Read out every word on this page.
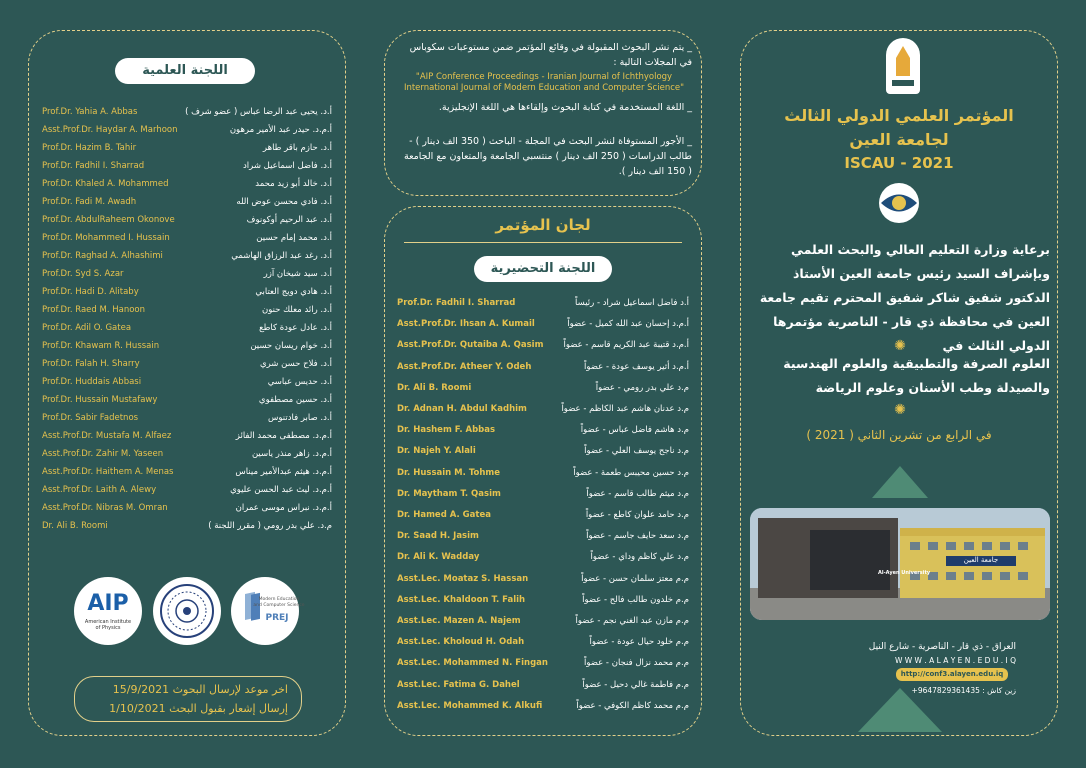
اللجنة العلمية
Prof.Dr. Yahia A. Abbas	أ.د. يحيى عبد الرضا عباس ( عضو شرف )
Asst.Prof.Dr. Haydar A. Marhoon	أ.م.د. حيدر عبد الأمير مرهون
Prof.Dr. Hazim B. Tahir	أ.د. حازم باقر طاهر
Prof.Dr. Fadhil I. Sharrad	أ.د. فاضل اسماعيل شراد
Prof.Dr. Khaled A. Mohammed	أ.د. خالد أبو زيد محمد
Prof.Dr. Fadi M. Awadh	أ.د. فادي محسن عوض الله
Prof.Dr. AbdulRaheem Okonove	أ.د. عبد الرحيم أوكونوف
Prof.Dr. Mohammed I. Hussain	أ.د. محمد إمام حسين
Prof.Dr. Raghad A. Alhashimi	أ.د. رغد عبد الرزاق الهاشمي
Prof.Dr. Syd S. Azar	أ.د. سيد شيخان آزر
Prof.Dr. Hadi D. Alitaby	أ.د. هادي دويج العتابي
Prof.Dr. Raed M. Hanoon	أ.د. رائد معلك حنون
Prof.Dr. Adil O. Gatea	أ.د. عادل عودة كاطع
Prof.Dr. Khawam R. Hussain	أ.د. خوام ريسان حسين
Prof.Dr. Falah H. Sharry	أ.د. فلاح حسن شري
Prof.Dr. Huddais Abbasi	أ.د. حديس عباسي
Prof.Dr. Hussain Mustafawy	أ.د. حسين مصطفوي
Prof.Dr. Sabir Fadetnos	أ.د. صابر فادتنوس
Asst.Prof.Dr. Mustafa M. Alfaez	أ.م.د. مصطفى محمد الفائز
Asst.Prof.Dr. Zahir M. Yaseen	أ.م.د. زاهر منذر ياسين
Asst.Prof.Dr. Haithem A. Menas	أ.م.د. هيثم عبدالأمير ميناس
Asst.Prof.Dr. Laith A. Alewy	أ.م.د. ليث عبد الحسن عليوي
Asst.Prof.Dr. Nibras M. Omran	أ.م.د. نبراس موسى عمران
Dr. Ali B. Roomi	م.د. علي بدر رومي ( مقرر اللجنة )
AIP
American Institute
of Physics
Modern Education
and Computer Science
PREJ
اخر موعد لإرسال البحوث 15/9/2021
إرسال إشعار بقبول البحث 1/10/2021
_ يتم نشر البحوث المقبولة في وقائع المؤتمر ضمن مستوعبات سكوباس في المجلات التالية :
"AIP Conference Proceedings - Iranian Journal of Ichthyology International Journal of Modern Education and Computer Science"
_ اللغة المستخدمة في كتابة البحوث وإلقاءها هي اللغة الإنجليزية.
_ الأجور المستوفاة لنشر البحث في المجلة - الباحث ( 350 الف دينار ) - طالب الدراسات ( 250 الف دينار ) منتسبي الجامعة والمتعاون مع الجامعة ( 150 الف دينار ).
لجان المؤتمر
اللجنة التحضيرية
Prof.Dr. Fadhil I. Sharrad	أ.د فاضل اسماعيل شراد - رئيساً
Asst.Prof.Dr. Ihsan A. Kumail	أ.م.د إحسان عبد الله كميل - عضواً
Asst.Prof.Dr. Qutaiba A. Qasim أ.م.د قتيبة عبد الكريم قاسم - عضواً
Asst.Prof.Dr. Atheer Y. Odeh	أ.م.د أثير يوسف عودة - عضواً
Dr. Ali B. Roomi	م.د علي بدر رومي - عضواً
Dr. Adnan H. Abdul Kadhim	م.د عدنان هاشم عبد الكاظم - عضواً
Dr. Hashem F. Abbas	م.د هاشم فاضل عباس - عضواً
Dr. Najeh Y. Alali	م.د ناجح يوسف العلي - عضواً
Dr. Hussain M. Tohme	م.د حسين محيبس طعمة - عضواً
Dr. Maytham T. Qasim	م.د ميثم طالب قاسم - عضواً
Dr. Hamed A. Gatea	م.د حامد علوان كاطع - عضواً
Dr. Saad H. Jasim	م.د سعد حايف جاسم - عضواً
Dr. Ali K. Wadday	م.د علي كاظم وداي - عضواً
Asst.Lec. Moataz S. Hassan	م.م معتز سلمان حسن - عضواً
Asst.Lec. Khaldoon T. Falih	م.م خلدون طالب فالح - عضواً
Asst.Lec. Mazen A. Najem	م.م مازن عبد الغني نجم - عضواً
Asst.Lec. Kholoud H. Odah	م.م خلود حيال عودة - عضواً
Asst.Lec. Mohammed N. Fingan	م.م محمد نزال فنجان - عضواً
Asst.Lec. Fatima G. Dahel	م.م فاطمة غالي دحيل - عضواً
Asst.Lec. Mohammed K. Alkufi	م.م محمد كاظم الكوفي - عضواً
المؤتمر العلمي الدولي الثالث
لجامعة العين
ISCAU - 2021
برعاية وزارة التعليم العالي والبحث العلمي وبإشراف السيد رئيس جامعة العين الأستاذ الدكتور شفيق شاكر شفيق المحترم تقيم جامعة العين في محافظة ذي قار - الناصرية مؤتمرها الدولي الثالث في
✺
العلوم الصرفة والتطبيقية والعلوم الهندسية والصيدلة وطب الأسنان وعلوم الرياضة
✺
في الرابع من تشرين الثاني ( 2021 )
Al-Ayen University
جامعة العين
العراق - ذي قار - الناصرية - شارع النيل
W W W . A L A Y E N . E D U . I Q
http://conf3.alayen.edu.iq
زين كاش : 9647829361435+
